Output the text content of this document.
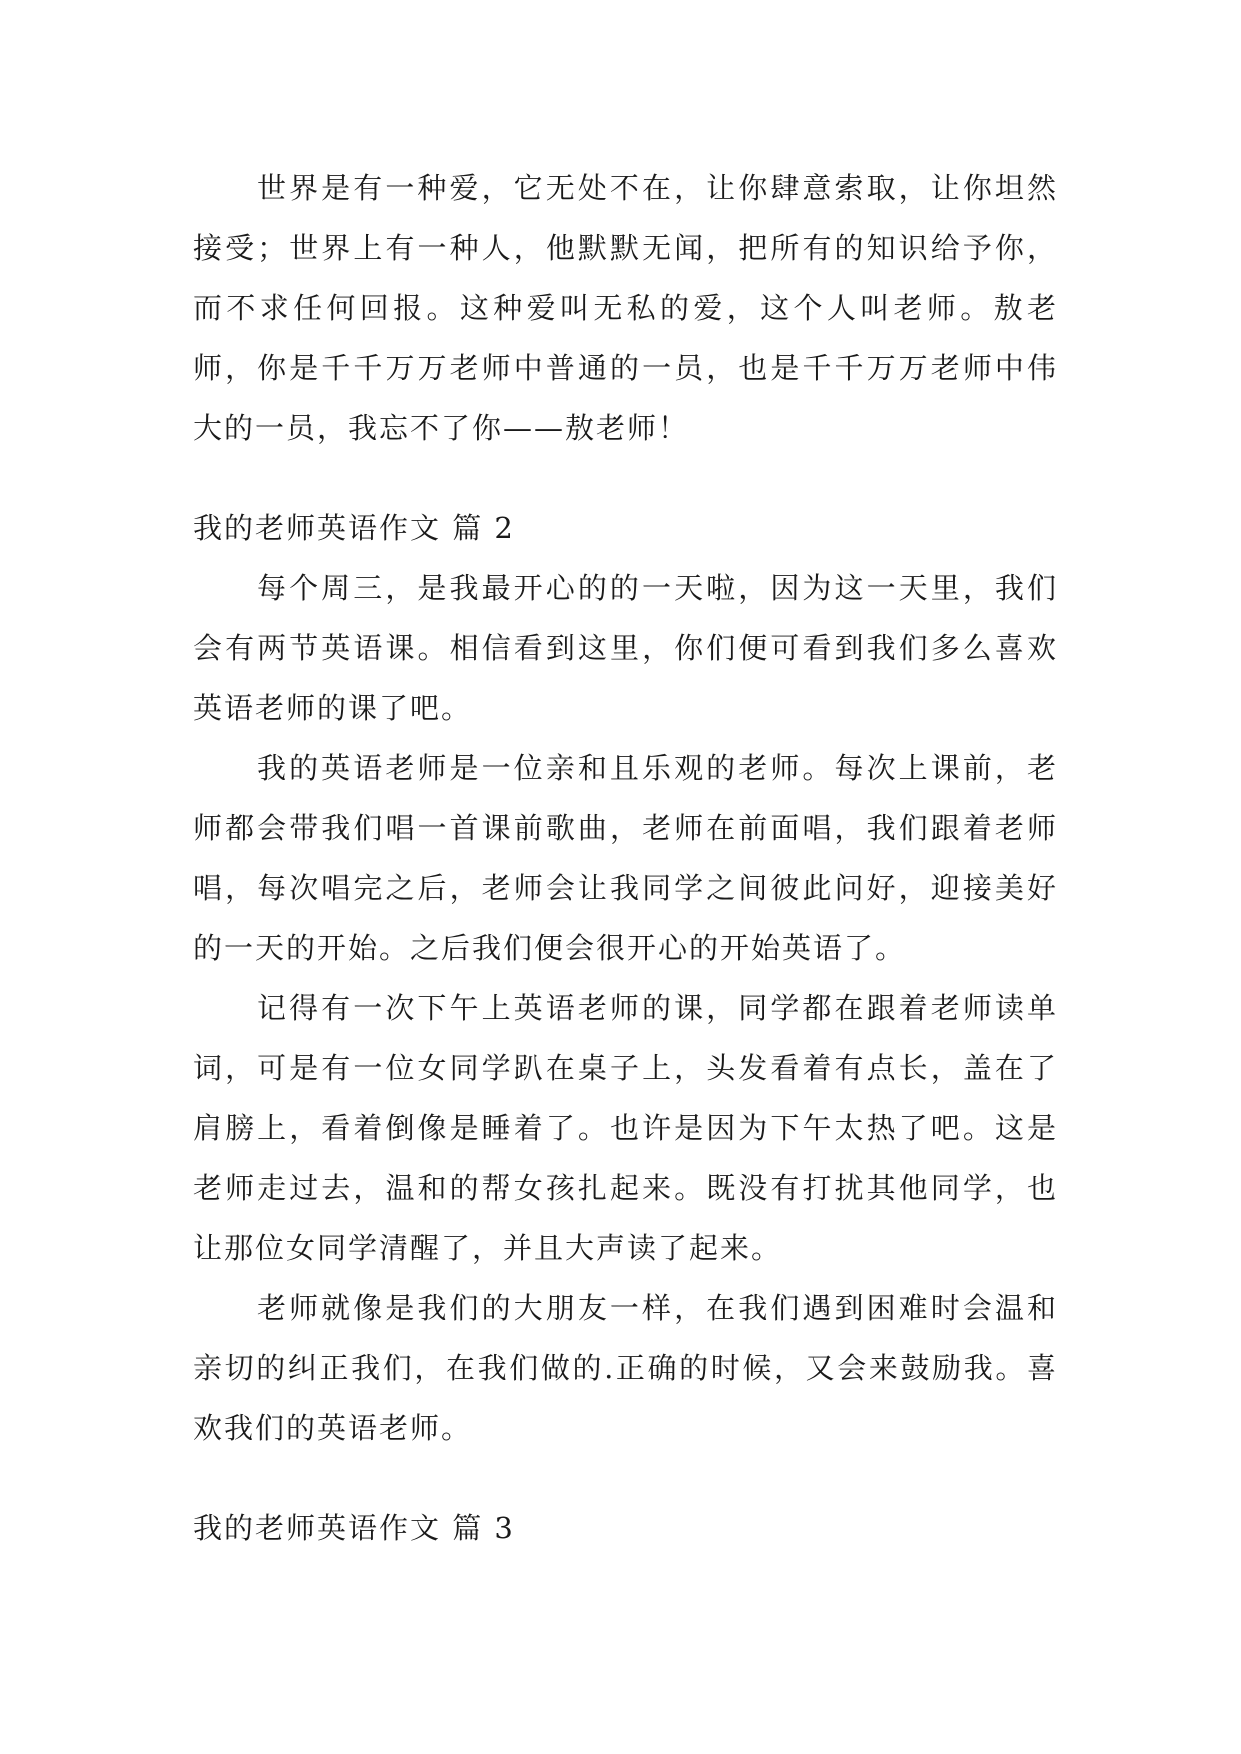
世界是有一种爱，它无处不在，让你肆意索取，让你坦然接受；世界上有一种人，他默默无闻，把所有的知识给予你，而不求任何回报。这种爱叫无私的爱，这个人叫老师。敖老师，你是千千万万老师中普通的一员，也是千千万万老师中伟大的一员，我忘不了你——敖老师！

我的老师英语作文 篇 2

每个周三，是我最开心的的一天啦，因为这一天里，我们会有两节英语课。相信看到这里，你们便可看到我们多么喜欢英语老师的课了吧。

我的英语老师是一位亲和且乐观的老师。每次上课前，老师都会带我们唱一首课前歌曲，老师在前面唱，我们跟着老师唱，每次唱完之后，老师会让我同学之间彼此问好，迎接美好的一天的开始。之后我们便会很开心的开始英语了。

记得有一次下午上英语老师的课，同学都在跟着老师读单词，可是有一位女同学趴在桌子上，头发看着有点长，盖在了肩膀上，看着倒像是睡着了。也许是因为下午太热了吧。这是老师走过去，温和的帮女孩扎起来。既没有打扰其他同学，也让那位女同学清醒了，并且大声读了起来。

老师就像是我们的大朋友一样，在我们遇到困难时会温和亲切的纠正我们，在我们做的.正确的时候，又会来鼓励我。喜欢我们的英语老师。

我的老师英语作文 篇 3
